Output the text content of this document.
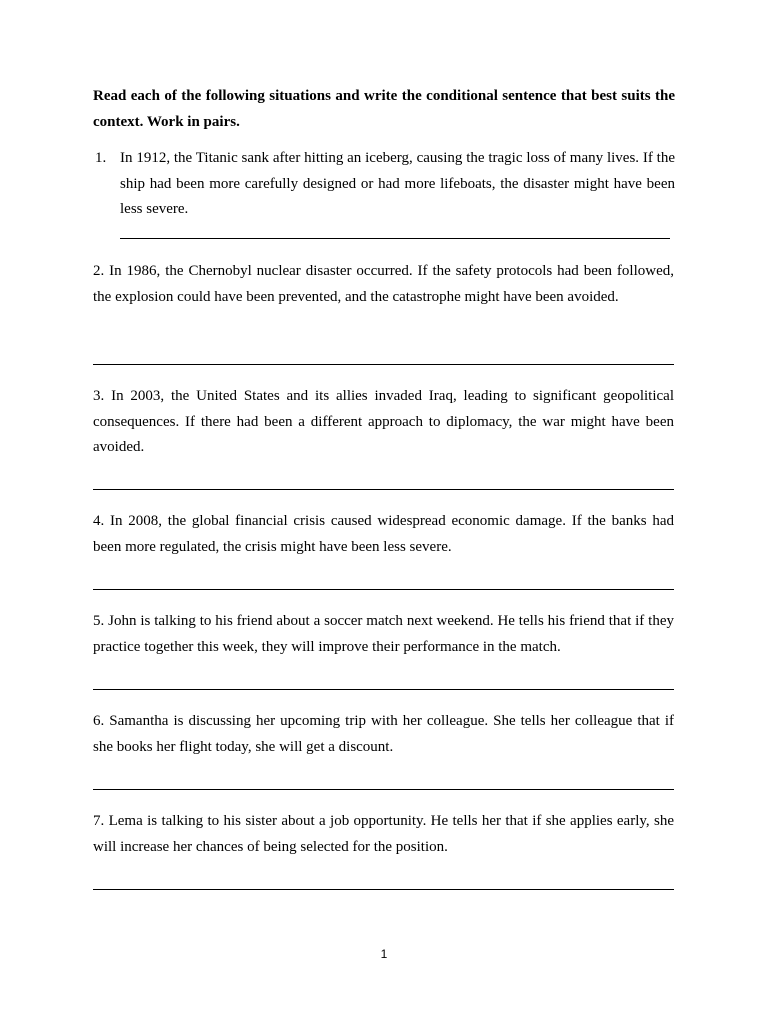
Read each of the following situations and write the conditional sentence that best suits the context. Work in pairs.
1. In 1912, the Titanic sank after hitting an iceberg, causing the tragic loss of many lives. If the ship had been more carefully designed or had more lifeboats, the disaster might have been less severe.
2. In 1986, the Chernobyl nuclear disaster occurred. If the safety protocols had been followed, the explosion could have been prevented, and the catastrophe might have been avoided.
3. In 2003, the United States and its allies invaded Iraq, leading to significant geopolitical consequences. If there had been a different approach to diplomacy, the war might have been avoided.
4. In 2008, the global financial crisis caused widespread economic damage. If the banks had been more regulated, the crisis might have been less severe.
5. John is talking to his friend about a soccer match next weekend. He tells his friend that if they practice together this week, they will improve their performance in the match.
6. Samantha is discussing her upcoming trip with her colleague. She tells her colleague that if she books her flight today, she will get a discount.
7. Lema is talking to his sister about a job opportunity. He tells her that if she applies early, she will increase her chances of being selected for the position.
1
